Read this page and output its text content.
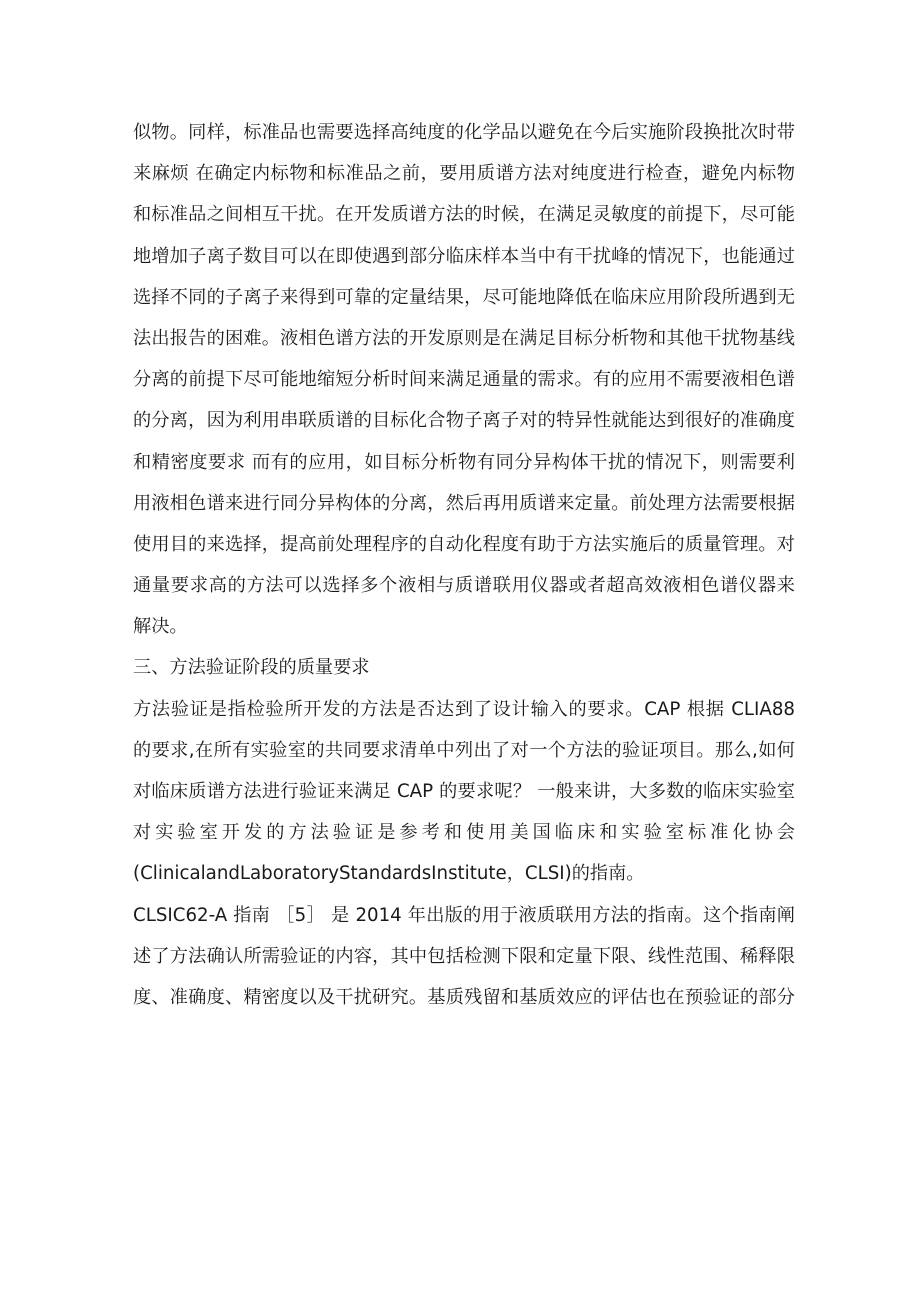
似物。同样，标准品也需要选择高纯度的化学品以避免在今后实施阶段换批次时带
来麻烦 在确定内标物和标准品之前，要用质谱方法对纯度进行检查，避免内标物
和标准品之间相互干扰。在开发质谱方法的时候，在满足灵敏度的前提下，尽可能
地增加子离子数目可以在即使遇到部分临床样本当中有干扰峰的情况下，也能通过
选择不同的子离子来得到可靠的定量结果，尽可能地降低在临床应用阶段所遇到无
法出报告的困难。液相色谱方法的开发原则是在满足目标分析物和其他干扰物基线
分离的前提下尽可能地缩短分析时间来满足通量的需求。有的应用不需要液相色谱
的分离，因为利用串联质谱的目标化合物子离子对的特异性就能达到很好的准确度
和精密度要求 而有的应用，如目标分析物有同分异构体干扰的情况下，则需要利
用液相色谱来进行同分异构体的分离，然后再用质谱来定量。前处理方法需要根据
使用目的来选择，提高前处理程序的自动化程度有助于方法实施后的质量管理。对
通量要求高的方法可以选择多个液相与质谱联用仪器或者超高效液相色谱仪器来
解决。
三、方法验证阶段的质量要求
方法验证是指检验所开发的方法是否达到了设计输入的要求。CAP 根据 CLIA88
的要求,在所有实验室的共同要求清单中列出了对一个方法的验证项目。那么,如何
对临床质谱方法进行验证来满足 CAP 的要求呢？ 一般来讲，大多数的临床实验室
对实验室开发的方法验证是参考和使用美国临床和实验室标准化协会
(ClinicalandLaboratoryStandardsInstitute，CLSI)的指南。
CLSIC62-A 指南 ［5］ 是 2014 年出版的用于液质联用方法的指南。这个指南阐
述了方法确认所需验证的内容，其中包括检测下限和定量下限、线性范围、稀释限
度、准确度、精密度以及干扰研究。基质残留和基质效应的评估也在预验证的部分
